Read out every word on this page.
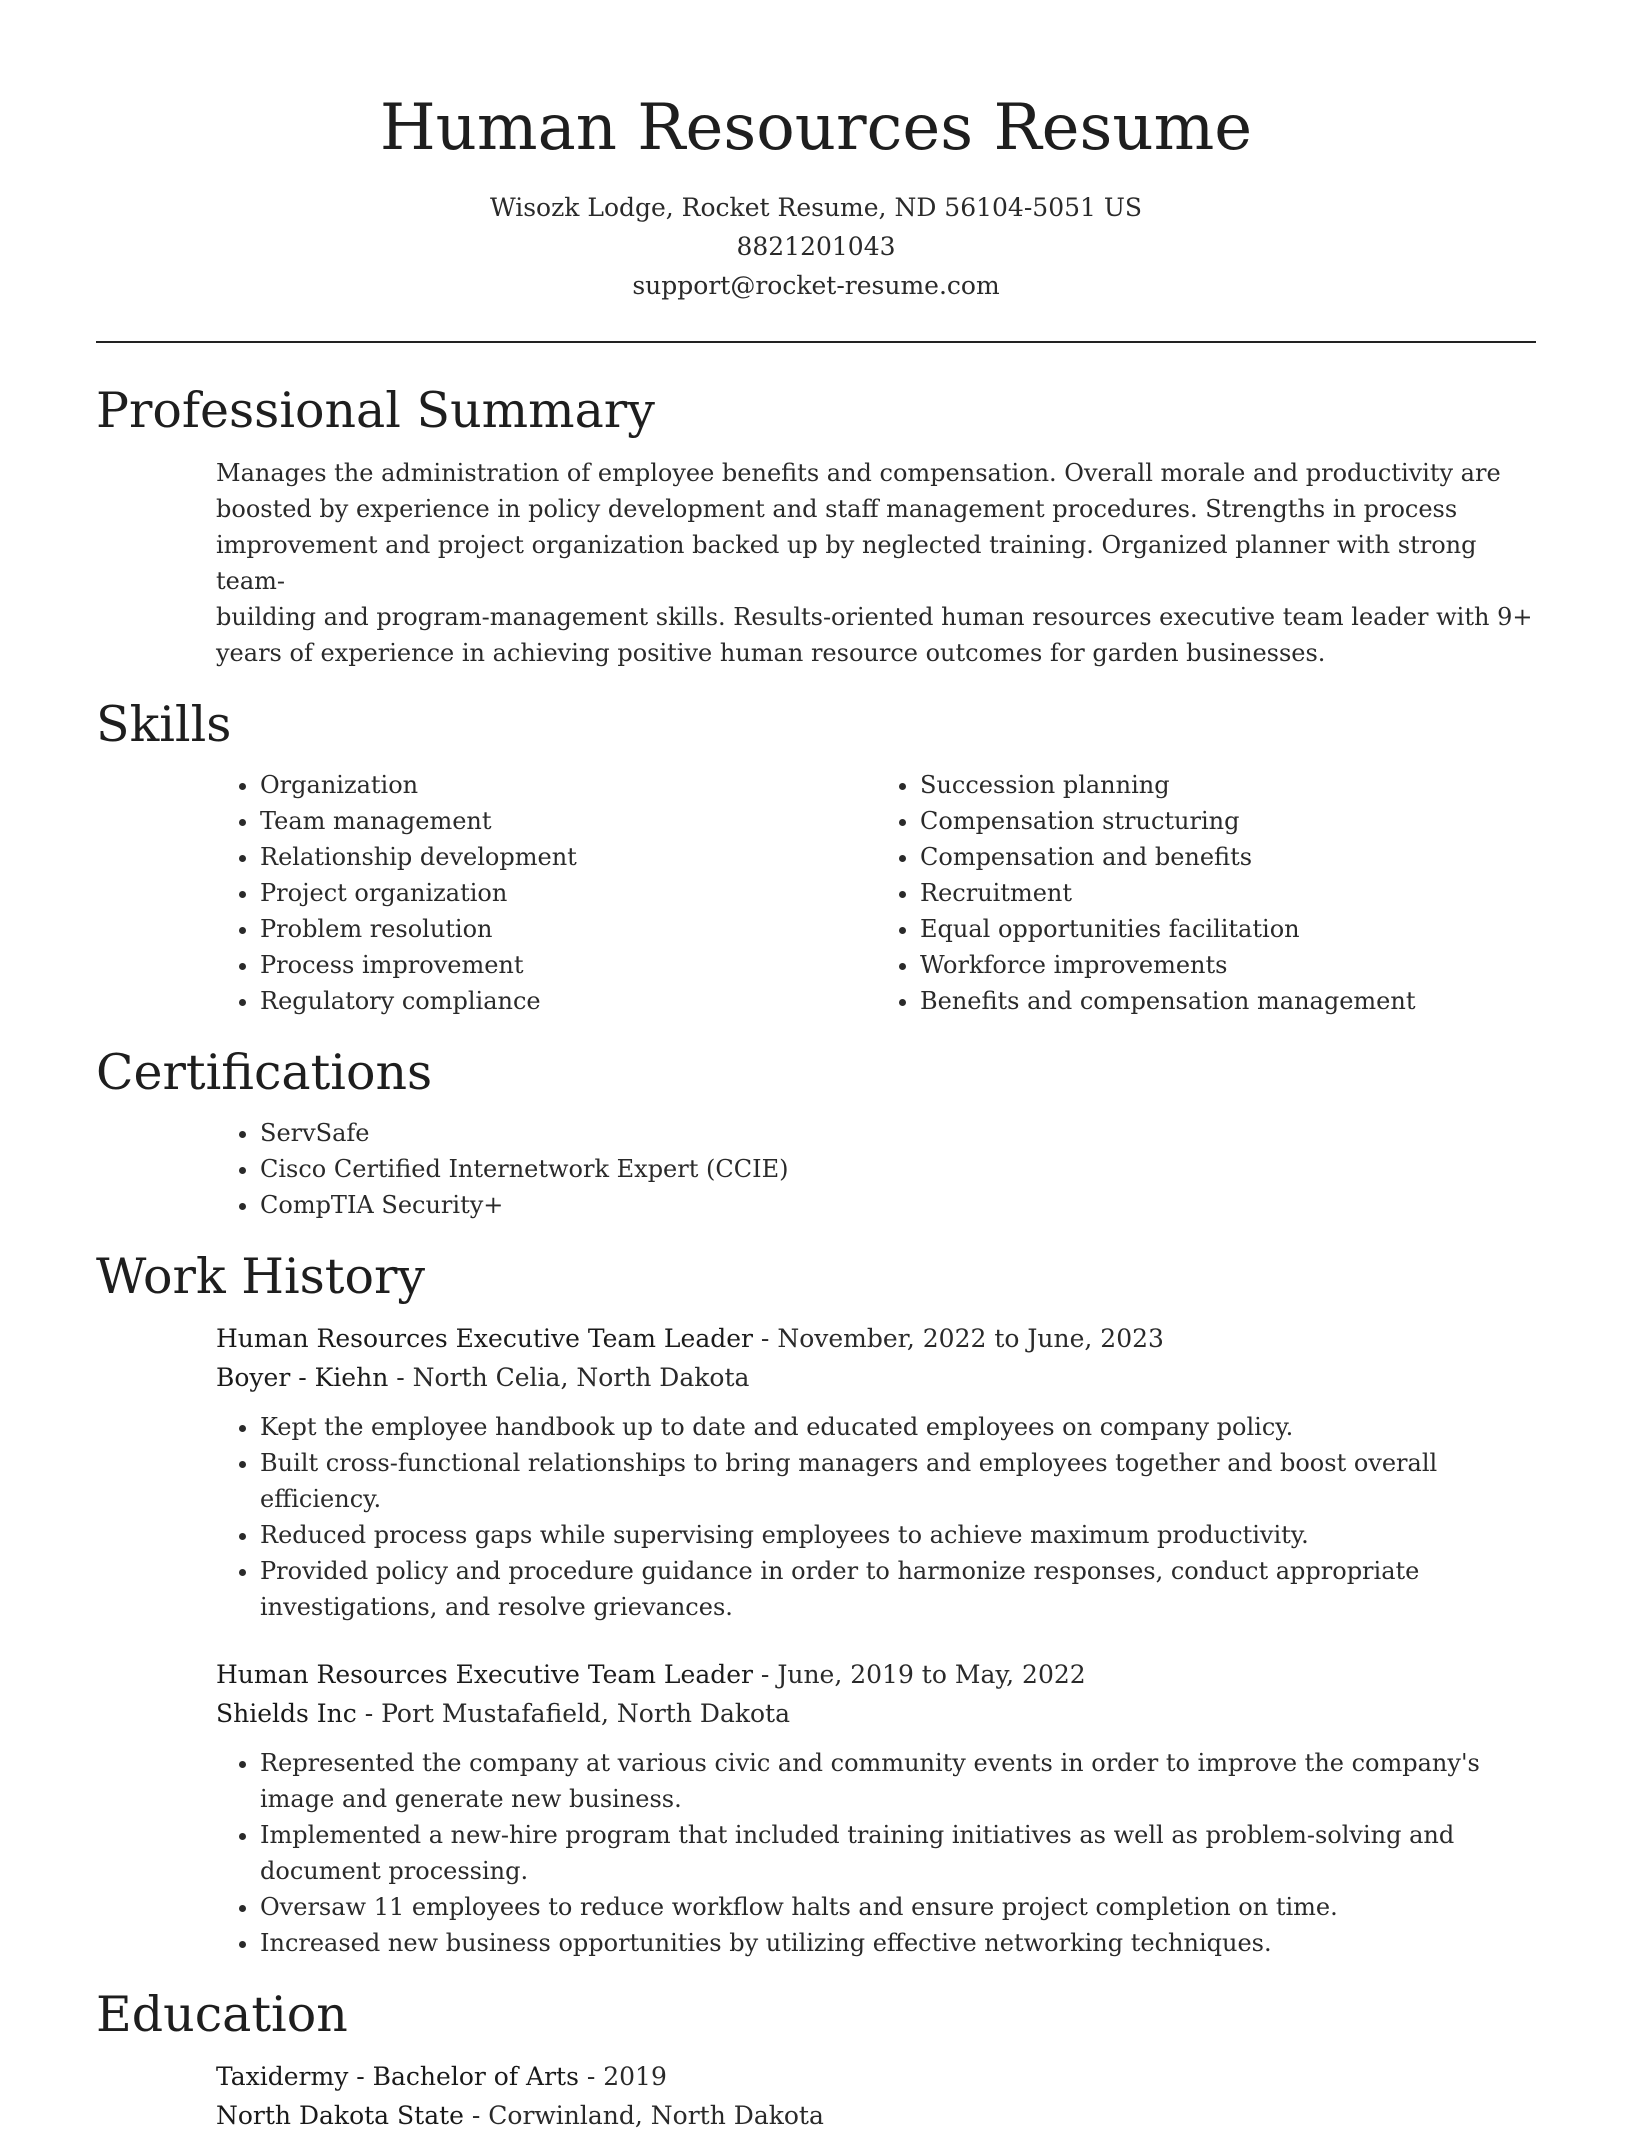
Human Resources Resume
Wisozk Lodge, Rocket Resume, ND 56104-5051 US
8821201043
support@rocket-resume.com
Professional Summary
Manages the administration of employee benefits and compensation. Overall morale and productivity are
boosted by experience in policy development and staff management procedures. Strengths in process
improvement and project organization backed up by neglected training. Organized planner with strong team-
building and program-management skills. Results-oriented human resources executive team leader with 9+
years of experience in achieving positive human resource outcomes for garden businesses.
Skills
• Organization
• Team management
• Relationship development
• Project organization
• Problem resolution
• Process improvement
• Regulatory compliance
• Succession planning
• Compensation structuring
• Compensation and benefits
• Recruitment
• Equal opportunities facilitation
• Workforce improvements
• Benefits and compensation management
Certifications
• ServSafe
• Cisco Certified Internetwork Expert (CCIE)
• CompTIA Security+
Work History
Human Resources Executive Team Leader - November, 2022 to June, 2023
Boyer - Kiehn - North Celia, North Dakota
• Kept the employee handbook up to date and educated employees on company policy.
• Built cross-functional relationships to bring managers and employees together and boost overall efficiency.
• Reduced process gaps while supervising employees to achieve maximum productivity.
• Provided policy and procedure guidance in order to harmonize responses, conduct appropriate investigations, and resolve grievances.
Human Resources Executive Team Leader - June, 2019 to May, 2022
Shields Inc - Port Mustafafield, North Dakota
• Represented the company at various civic and community events in order to improve the company's image and generate new business.
• Implemented a new-hire program that included training initiatives as well as problem-solving and document processing.
• Oversaw 11 employees to reduce workflow halts and ensure project completion on time.
• Increased new business opportunities by utilizing effective networking techniques.
Education
Taxidermy - Bachelor of Arts - 2019
North Dakota State - Corwinland, North Dakota
